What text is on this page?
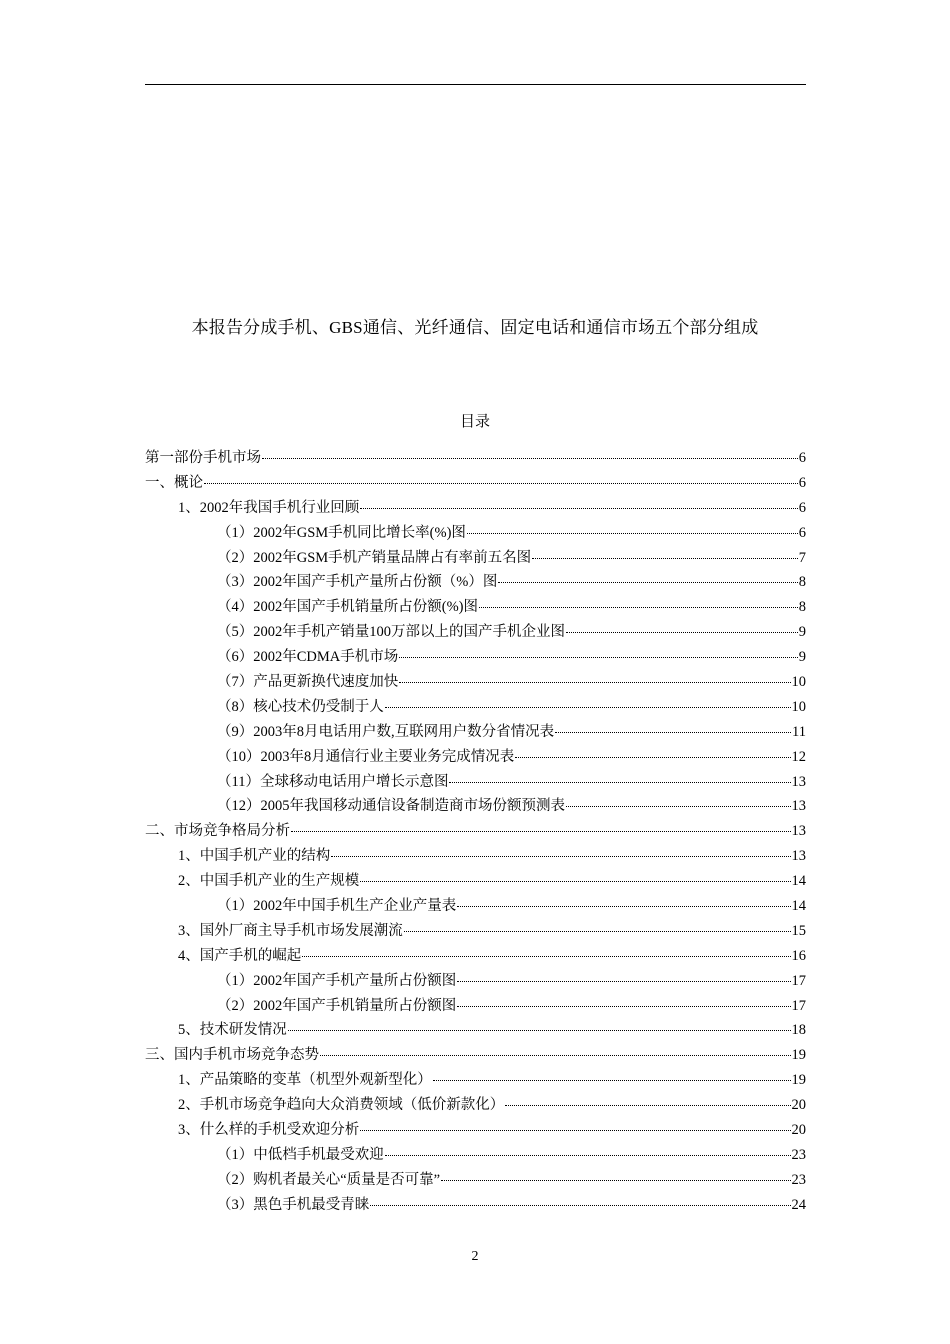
本报告分成手机、GBS通信、光纤通信、固定电话和通信市场五个部分组成
目录
第一部份手机市场	6
一、概论	6
1、2002年我国手机行业回顾	6
（1）2002年GSM手机同比增长率(%)图	6
（2）2002年GSM手机产销量品牌占有率前五名图	7
（3）2002年国产手机产量所占份额（%）图	8
（4）2002年国产手机销量所占份额(%)图	8
（5）2002年手机产销量100万部以上的国产手机企业图	9
（6）2002年CDMA手机市场	9
（7）产品更新换代速度加快	10
（8）核心技术仍受制于人	10
（9）2003年8月电话用户数,互联网用户数分省情况表	11
（10）2003年8月通信行业主要业务完成情况表	12
（11）全球移动电话用户增长示意图	13
（12）2005年我国移动通信设备制造商市场份额预测表	13
二、市场竞争格局分析	13
1、中国手机产业的结构	13
2、中国手机产业的生产规模	14
（1）2002年中国手机生产企业产量表	14
3、国外厂商主导手机市场发展潮流	15
4、国产手机的崛起	16
（1）2002年国产手机产量所占份额图	17
（2）2002年国产手机销量所占份额图	17
5、技术研发情况	18
三、国内手机市场竞争态势	19
1、产品策略的变革（机型外观新型化）	19
2、手机市场竞争趋向大众消费领域（低价新款化）	20
3、什么样的手机受欢迎分析	20
（1）中低档手机最受欢迎	23
（2）购机者最关心“质量是否可靠”	23
（3）黑色手机最受青睐	24
2
